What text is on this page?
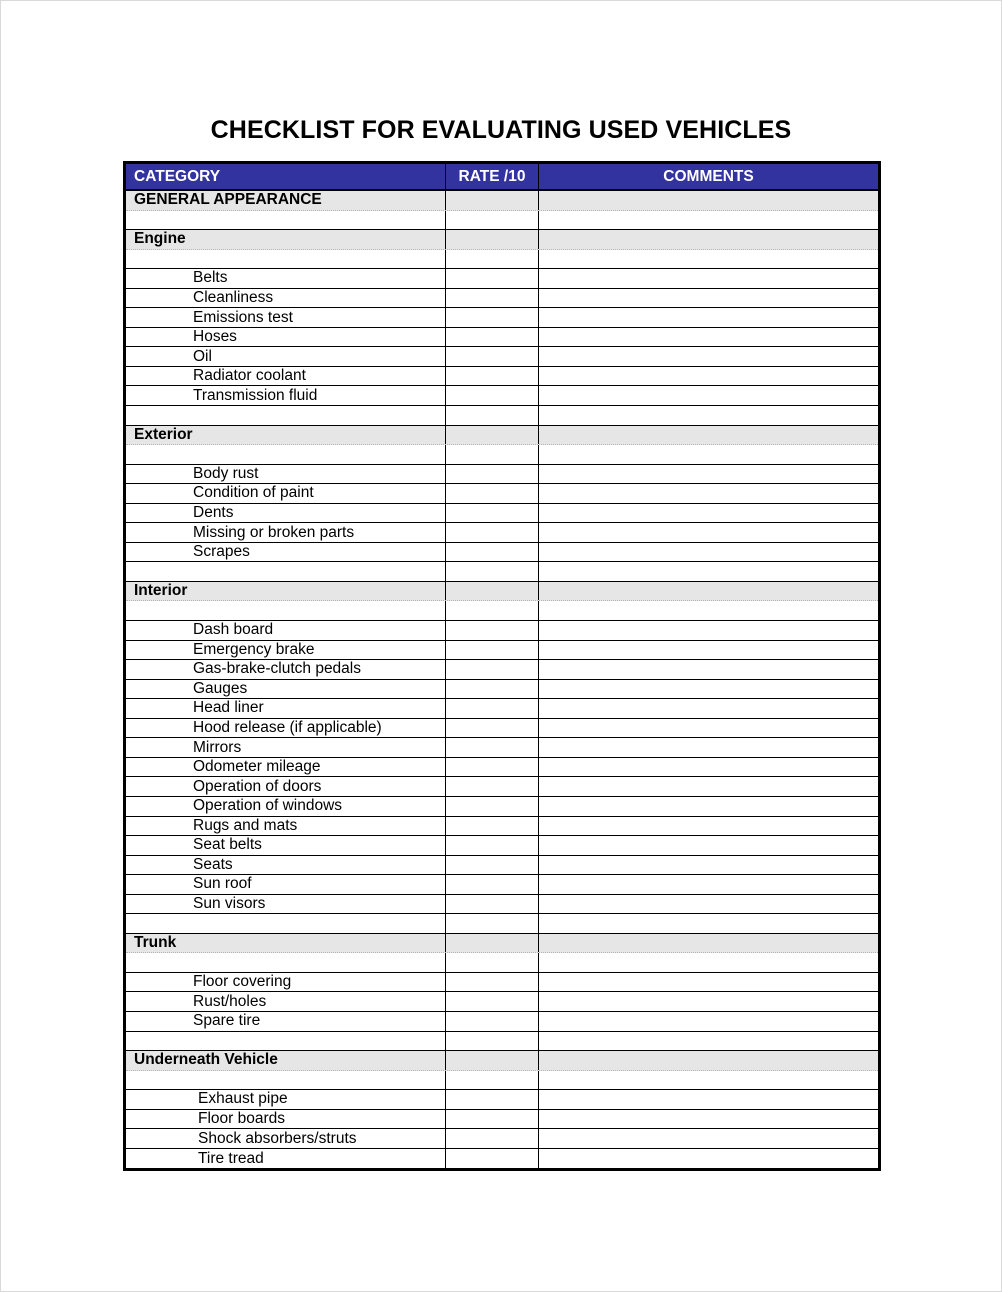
CHECKLIST FOR EVALUATING USED VEHICLES
CATEGORY	RATE /10	COMMENTS
GENERAL APPEARANCE
Engine
Belts
Cleanliness
Emissions test
Hoses
Oil
Radiator coolant
Transmission fluid
Exterior
Body rust
Condition of paint
Dents
Missing or broken parts
Scrapes
Interior
Dash board
Emergency brake
Gas-brake-clutch pedals
Gauges
Head liner
Hood release (if applicable)
Mirrors
Odometer mileage
Operation of doors
Operation of windows
Rugs and mats
Seat belts
Seats
Sun roof
Sun visors
Trunk
Floor covering
Rust/holes
Spare tire
Underneath Vehicle
Exhaust pipe
Floor boards
Shock absorbers/struts
Tire tread
